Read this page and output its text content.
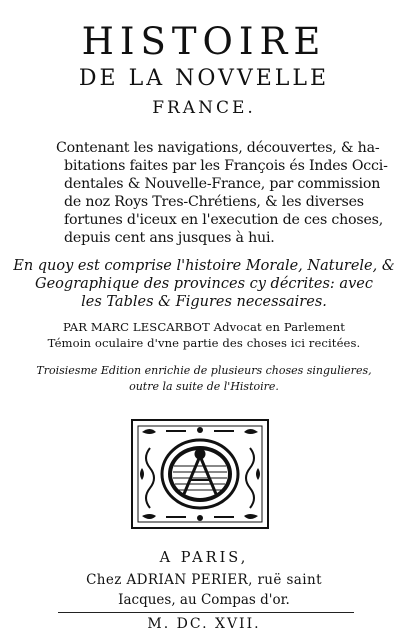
HISTOIRE
DE LA NOVVELLE
FRANCE.
Contenant les navigations, découvertes, & ha-
bitations faites par les François és Indes Occi-
dentales & Nouvelle-France, par commission
de noz Roys Tres-Chrétiens, & les diverses
fortunes d'iceux en l'execution de ces choses,
depuis cent ans jusques à hui.
En quoy est comprise l'histoire Morale, Naturele, &
Geographique des provinces cy décrites: avec
les Tables & Figures necessaires.
PAR MARC LESCARBOT Advocat en Parlement
Témoin oculaire d'vne partie des choses ici recitées.
Troisiesme Edition enrichie de plusieurs choses singulieres,
outre la suite de l'Histoire.
A PARIS,
Chez ADRIAN PERIER, ruë saint
Iacques, au Compas d'or.
M. DC. XVII.
